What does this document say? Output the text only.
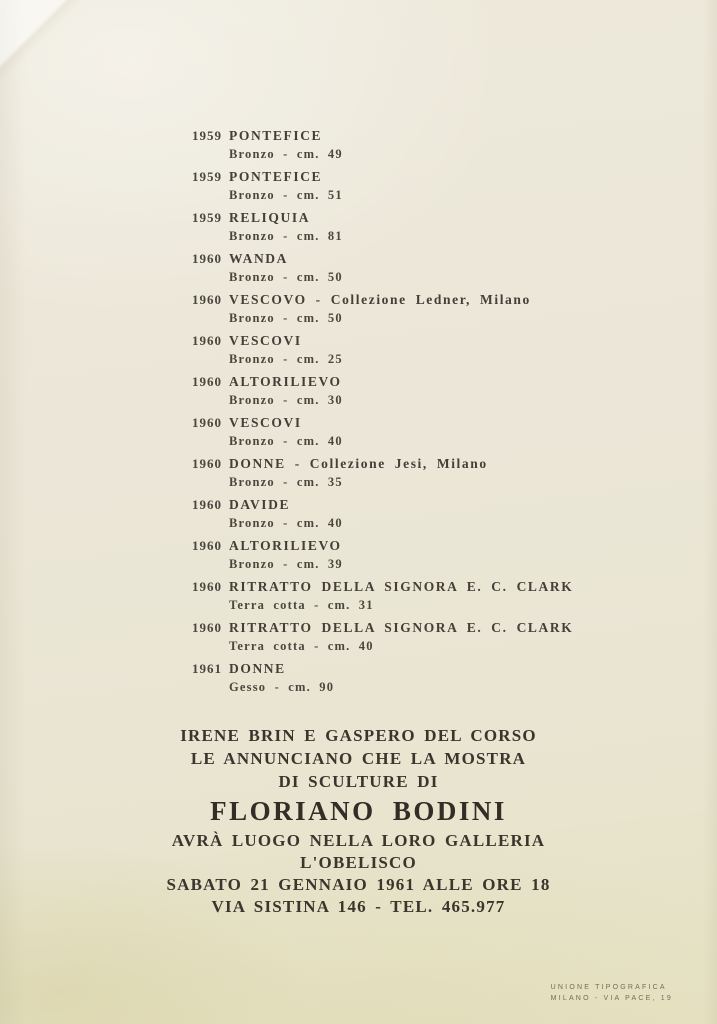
1959 PONTEFICE
Bronzo - cm. 49
1959 PONTEFICE
Bronzo - cm. 51
1959 RELIQUIA
Bronzo - cm. 81
1960 WANDA
Bronzo - cm. 50
1960 VESCOVO - Collezione Ledner, Milano
Bronzo - cm. 50
1960 VESCOVI
Bronzo - cm. 25
1960 ALTORILIEVO
Bronzo - cm. 30
1960 VESCOVI
Bronzo - cm. 40
1960 DONNE - Collezione Jesi, Milano
Bronzo - cm. 35
1960 DAVIDE
Bronzo - cm. 40
1960 ALTORILIEVO
Bronzo - cm. 39
1960 RITRATTO DELLA SIGNORA E. C. CLARK
Terra cotta - cm. 31
1960 RITRATTO DELLA SIGNORA E. C. CLARK
Terra cotta - cm. 40
1961 DONNE
Gesso - cm. 90
IRENE BRIN E GASPERO DEL CORSO
LE ANNUNCIANO CHE LA MOSTRA
DI SCULTURE DI
FLORIANO BODINI
AVRÀ LUOGO NELLA LORO GALLERIA
L'OBELISCO
SABATO 21 GENNAIO 1961 ALLE ORE 18
VIA SISTINA 146 - TEL. 465.977
UNIONE TIPOGRAFICA
MILANO - VIA PACE, 19
